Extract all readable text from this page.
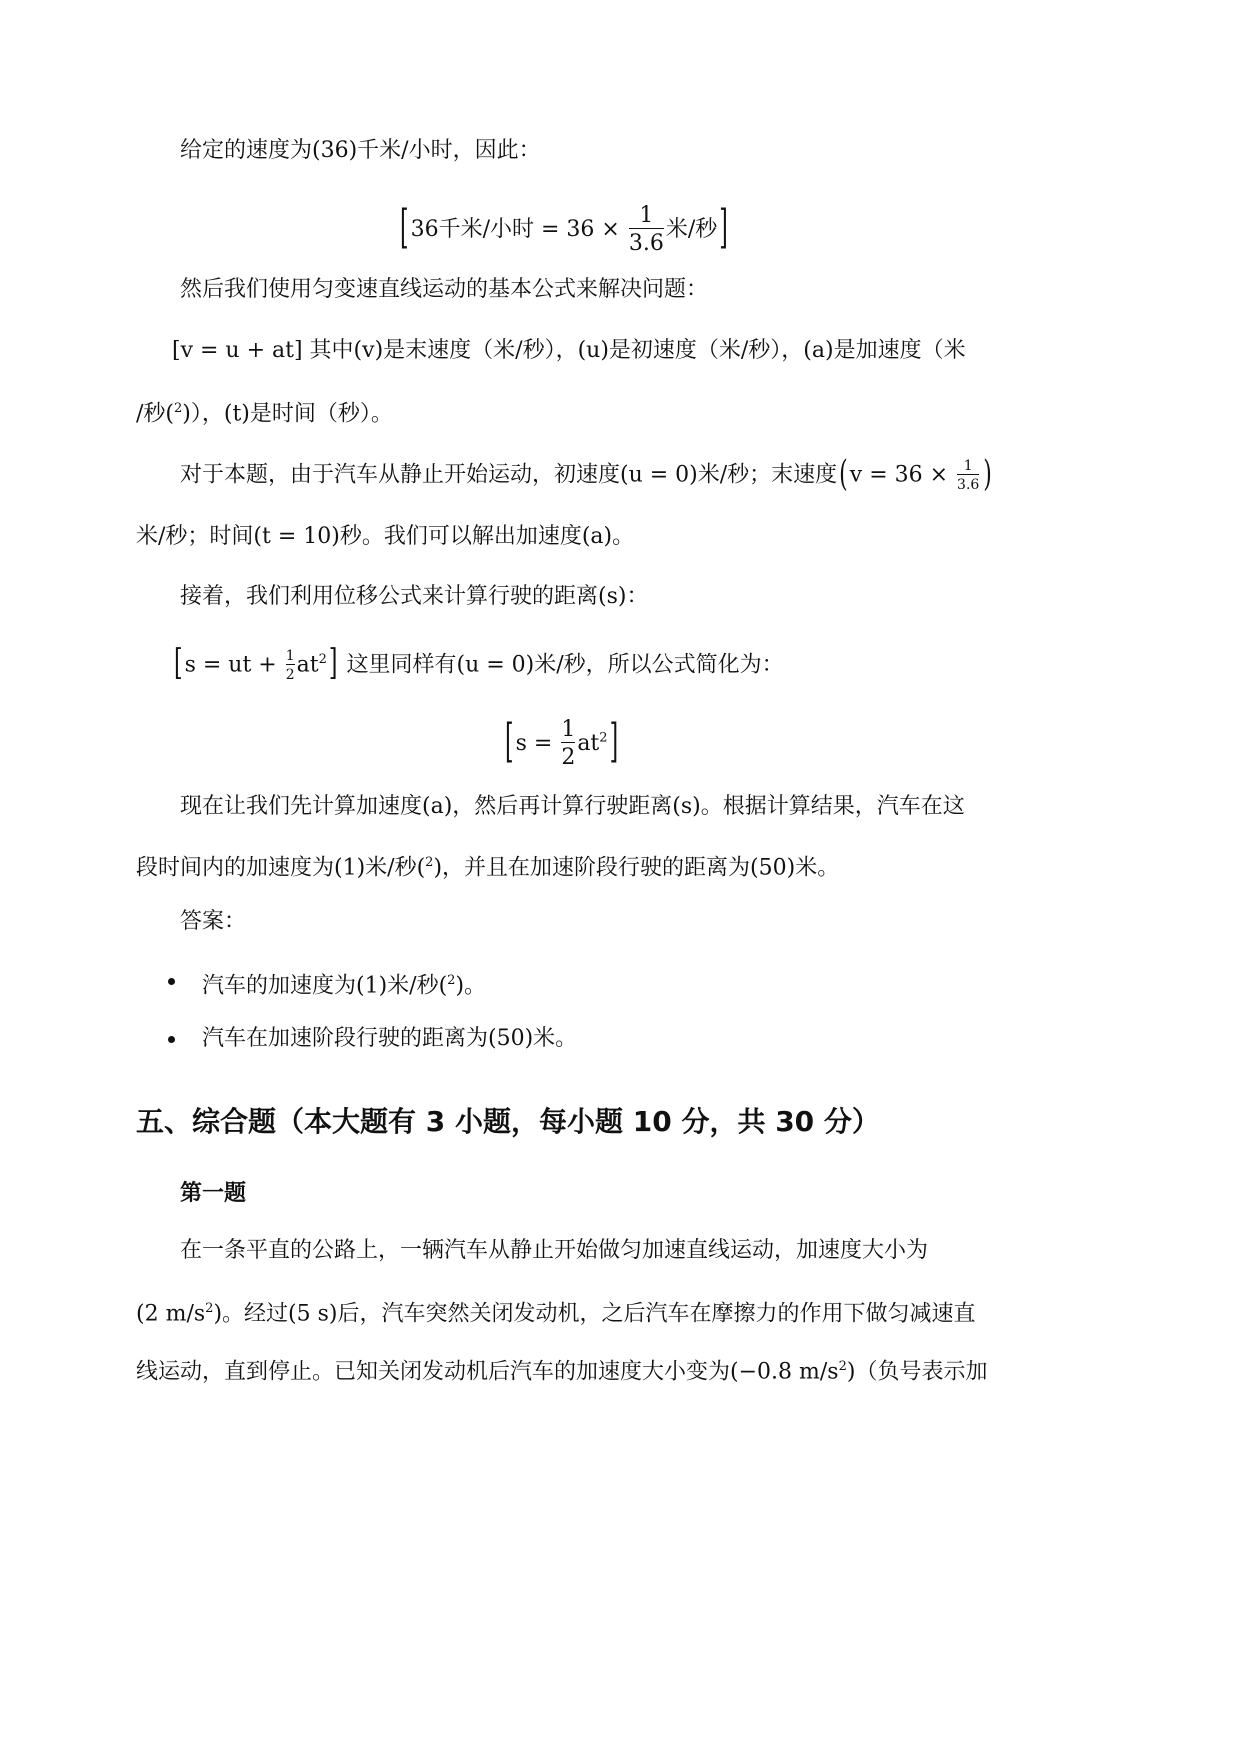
给定的速度为(36)千米/小时，因此：
[36千米/小时 = $36 \times \frac{1}{3.6}$ 米/秒]
然后我们使用匀变速直线运动的基本公式来解决问题：
[v = u + at] 其中(v)是末速度（米/秒），(u)是初速度（米/秒），(a)是加速度（米
/秒($^2$)），(t)是时间（秒）。
对于本题，由于汽车从静止开始运动，初速度(u = 0)米/秒；末速度($v = 36 \times \frac{1}{3.6}$ )
米/秒；时间(t = 10)秒。我们可以解出加速度(a)。
接着，我们利用位移公式来计算行驶的距离(s)：
[s = ut + $\frac{1}{2} at^2$] 这里同样有(u = 0)米/秒，所以公式简化为：
$[s = \frac{1}{2} at^2]$
现在让我们先计算加速度(a)，然后再计算行驶距离(s)。根据计算结果，汽车在这
段时间内的加速度为(1)米/秒($^2$)，并且在加速阶段行驶的距离为(50)米。
答案：
汽车的加速度为(1)米/秒($^2$)。
汽车在加速阶段行驶的距离为(50)米。
五、综合题（本大题有 3 小题，每小题 10 分，共 30 分）
第一题
在一条平直的公路上，一辆汽车从静止开始做匀加速直线运动，加速度大小为
(2 $m/s^2$)。经过(5 s)后，汽车突然关闭发动机，之后汽车在摩擦力的作用下做匀减速直
线运动，直到停止。已知关闭发动机后汽车的加速度大小变为(−0.8 $m/s^2$)（负号表示加
